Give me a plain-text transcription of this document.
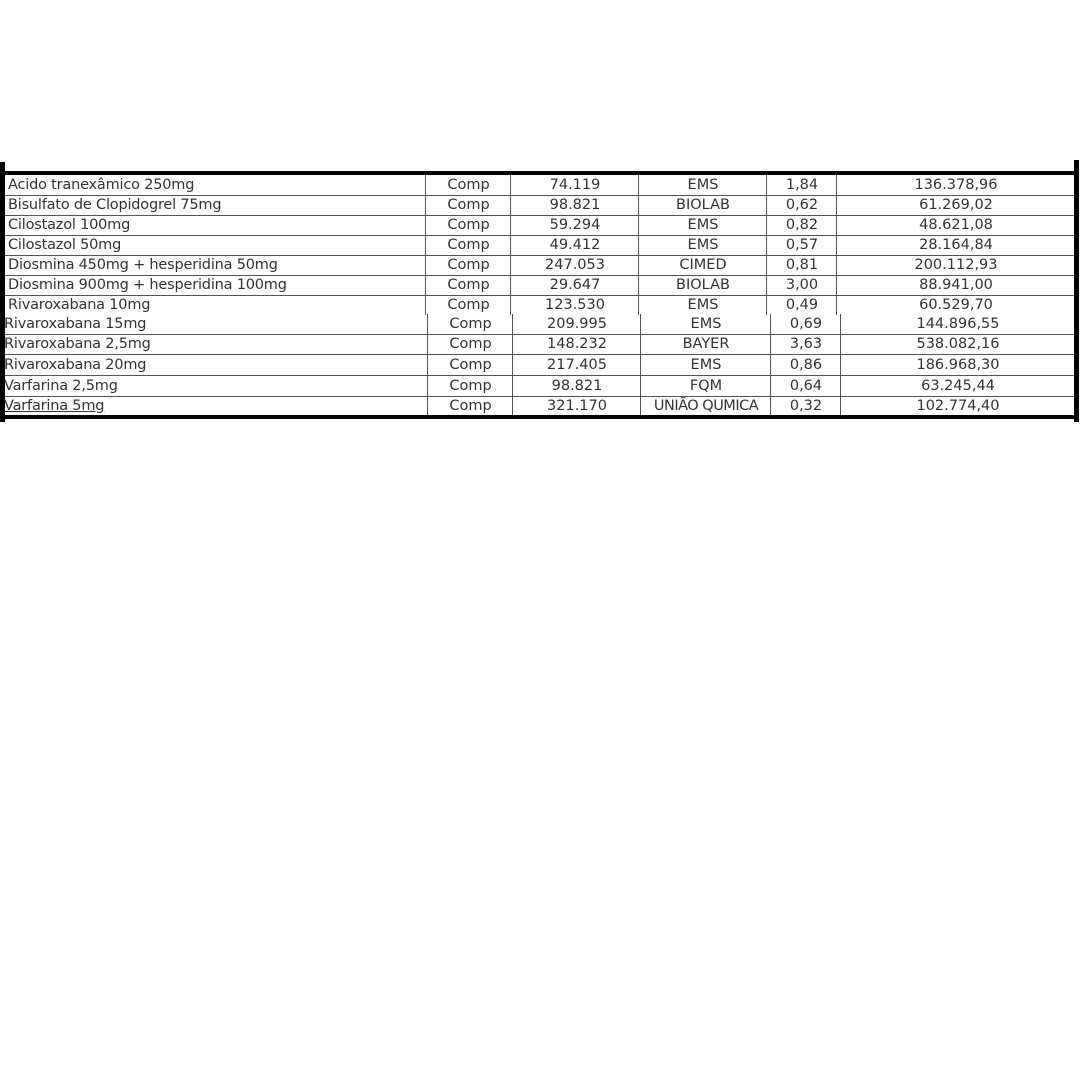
Acido tranexâmico 250mg	Comp	74.119	EMS	1,84	136.378,96
Bisulfato de Clopidogrel 75mg	Comp	98.821	BIOLAB	0,62	61.269,02
Cilostazol 100mg	Comp	59.294	EMS	0,82	48.621,08
Cilostazol 50mg	Comp	49.412	EMS	0,57	28.164,84
Diosmina 450mg + hesperidina 50mg	Comp	247.053	CIMED	0,81	200.112,93
Diosmina 900mg + hesperidina 100mg	Comp	29.647	BIOLAB	3,00	88.941,00
Rivaroxabana 10mg	Comp	123.530	EMS	0,49	60.529,70
Rivaroxabana 15mg	Comp	209.995	EMS	0,69	144.896,55
Rivaroxabana 2,5mg	Comp	148.232	BAYER	3,63	538.082,16
Rivaroxabana 20mg	Comp	217.405	EMS	0,86	186.968,30
Varfarina 2,5mg	Comp	98.821	FQM	0,64	63.245,44
Varfarina 5mg	Comp	321.170	UNIÃO QUMICA	0,32	102.774,40
